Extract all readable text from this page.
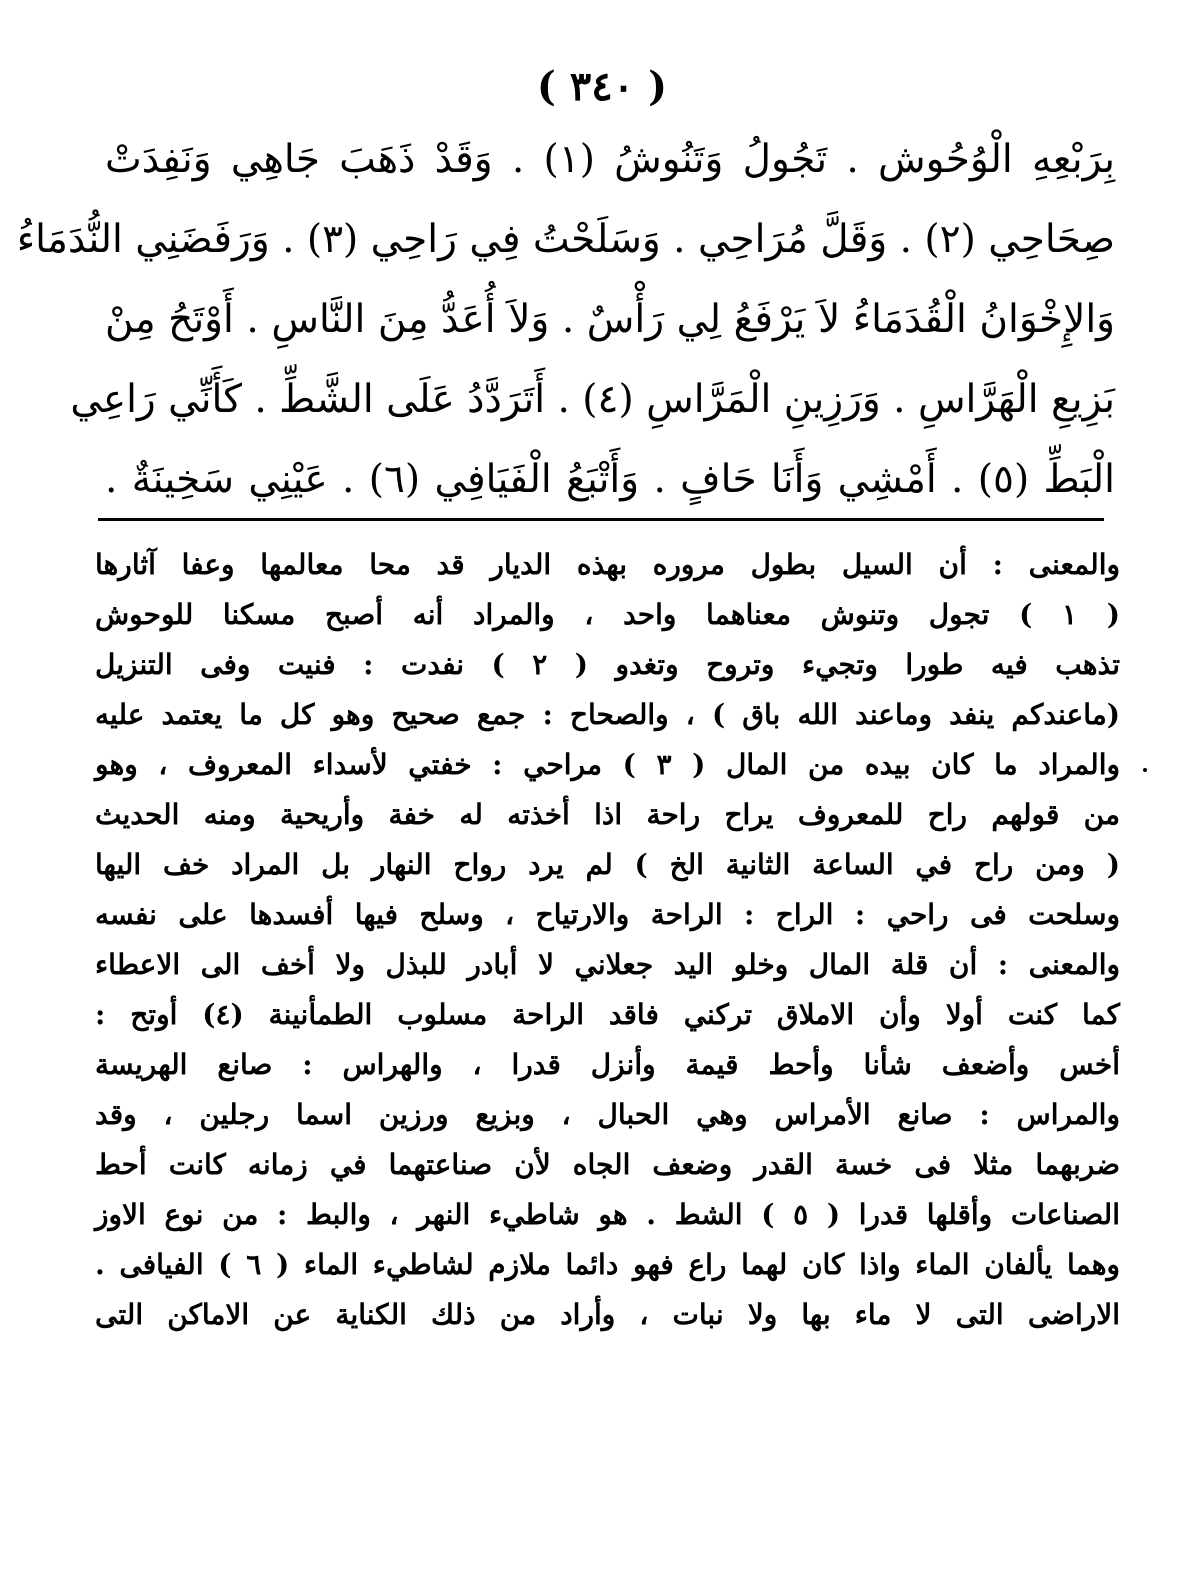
( ٣٤٠ )
بِرَبْعِهِ الْوُحُوش . تَجُولُ وَتَنُوشُ (١) . وَقَدْ ذَهَبَ جَاهِي وَنَفِدَتْ
صِحَاحِي (٢) . وَقَلَّ مُرَاحِي . وَسَلَحْتُ فِي رَاحِي (٣) . وَرَفَضَنِي النُّدَمَاءُ
وَالإِخْوَانُ الْقُدَمَاءُ لاَ يَرْفَعُ لِي رَأْسٌ . وَلاَ أُعَدُّ مِنَ النَّاسِ . أَوْتَحُ مِنْ
بَزِيعِ الْهَرَّاسِ . وَرَزِينِ الْمَرَّاسِ (٤) . أَتَرَدَّدُ عَلَى الشَّطِّ . كَأَنِّي رَاعِي
الْبَطِّ (٥) . أَمْشِي وَأَنَا حَافٍ . وَأَتْبَعُ الْفَيَافِي (٦) . عَيْنِي سَخِينَةٌ .
والمعنى : أن السيل بطول مروره بهذه الديار قد محا معالمها وعفا آثارها
( ١ ) تجول وتنوش معناهما واحد ، والمراد أنه أصبح مسكنا للوحوش
تذهب فيه طورا وتجيء وتروح وتغدو ( ٢ ) نفدت : فنيت وفى التنزيل
(ماعندكم ينفد وماعند الله باق ) ، والصحاح : جمع صحيح وهو كل ما يعتمد عليه
والمراد ما كان بيده من المال ( ٣ ) مراحي : خفتي لأسداء المعروف ، وهو
من قولهم راح للمعروف يراح راحة اذا أخذته له خفة وأريحية ومنه الحديث
( ومن راح في الساعة الثانية الخ ) لم يرد رواح النهار بل المراد خف اليها
وسلحت فى راحي : الراح : الراحة والارتياح ، وسلح فيها أفسدها على نفسه
والمعنى : أن قلة المال وخلو اليد جعلاني لا أبادر للبذل ولا أخف الى الاعطاء
كما كنت أولا وأن الاملاق تركني فاقد الراحة مسلوب الطمأنينة (٤) أوتح :
أخس وأضعف شأنا وأحط قيمة وأنزل قدرا ، والهراس : صانع الهريسة
والمراس : صانع الأمراس وهي الحبال ، وبزيع ورزين اسما رجلين ، وقد
ضربهما مثلا فى خسة القدر وضعف الجاه لأن صناعتهما في زمانه كانت أحط
الصناعات وأقلها قدرا ( ٥ ) الشط . هو شاطيء النهر ، والبط : من نوع الاوز
وهما يألفان الماء واذا كان لهما راع فهو دائما ملازم لشاطيء الماء ( ٦ ) الفيافى .
الاراضى التى لا ماء بها ولا نبات ، وأراد من ذلك الكناية عن الاماكن التى
